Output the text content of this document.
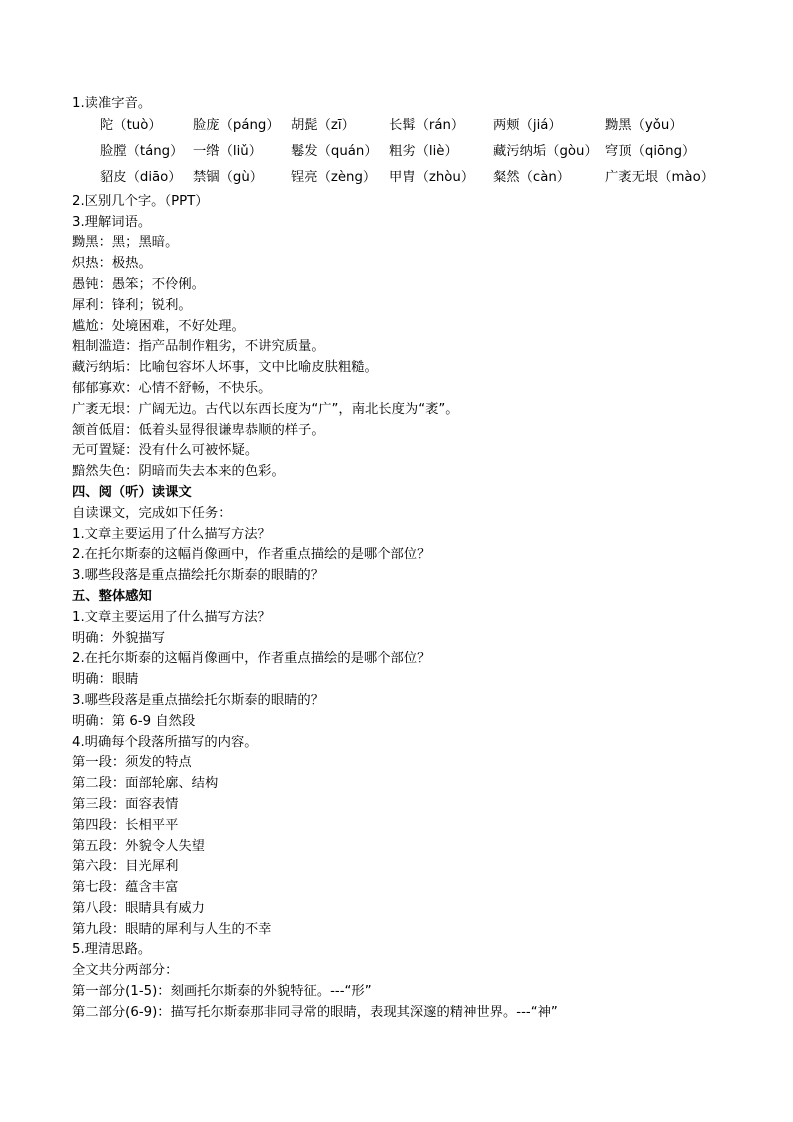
1.读准字音。
陀（tuò）	脸庞（páng） 胡髭（zī）	长髯（rán）	两颊（jiá）	黝黑（yǒu）
脸膛（táng） 一绺（liǔ）	鬈发（quán） 粗劣（liè）	藏污纳垢（gòu） 穹顶（qiōng）
貂皮（diāo） 禁锢（gù）	锃亮（zèng） 甲胄（zhòu）	粲然（càn）	广袤无垠（mào）
2.区别几个字。（PPT）
3.理解词语。
黝黑：黑；黑暗。
炽热：极热。
愚钝：愚笨；不伶俐。
犀利：锋利；锐利。
尴尬：处境困难，不好处理。
粗制滥造：指产品制作粗劣，不讲究质量。
藏污纳垢：比喻包容坏人坏事，文中比喻皮肤粗糙。
郁郁寡欢：心情不舒畅，不快乐。
广袤无垠：广阔无边。古代以东西长度为“广”，南北长度为“袤”。
颔首低眉：低着头显得很谦卑恭顺的样子。
无可置疑：没有什么可被怀疑。
黯然失色：阴暗而失去本来的色彩。
四、阅（听）读课文
自读课文，完成如下任务：
1.文章主要运用了什么描写方法？
2.在托尔斯泰的这幅肖像画中，作者重点描绘的是哪个部位？
3.哪些段落是重点描绘托尔斯泰的眼睛的？
五、整体感知
1.文章主要运用了什么描写方法？
明确：外貌描写
2.在托尔斯泰的这幅肖像画中，作者重点描绘的是哪个部位？
明确：眼睛
3.哪些段落是重点描绘托尔斯泰的眼睛的？
明确：第 6-9 自然段
4.明确每个段落所描写的内容。
第一段：须发的特点
第二段：面部轮廓、结构
第三段：面容表情
第四段：长相平平
第五段：外貌令人失望
第六段：目光犀利
第七段：蕴含丰富
第八段：眼睛具有威力
第九段：眼睛的犀利与人生的不幸
5.理清思路。
全文共分两部分：
第一部分(1-5)：刻画托尔斯泰的外貌特征。---“形”
第二部分(6-9)：描写托尔斯泰那非同寻常的眼睛，表现其深邃的精神世界。---“神”
